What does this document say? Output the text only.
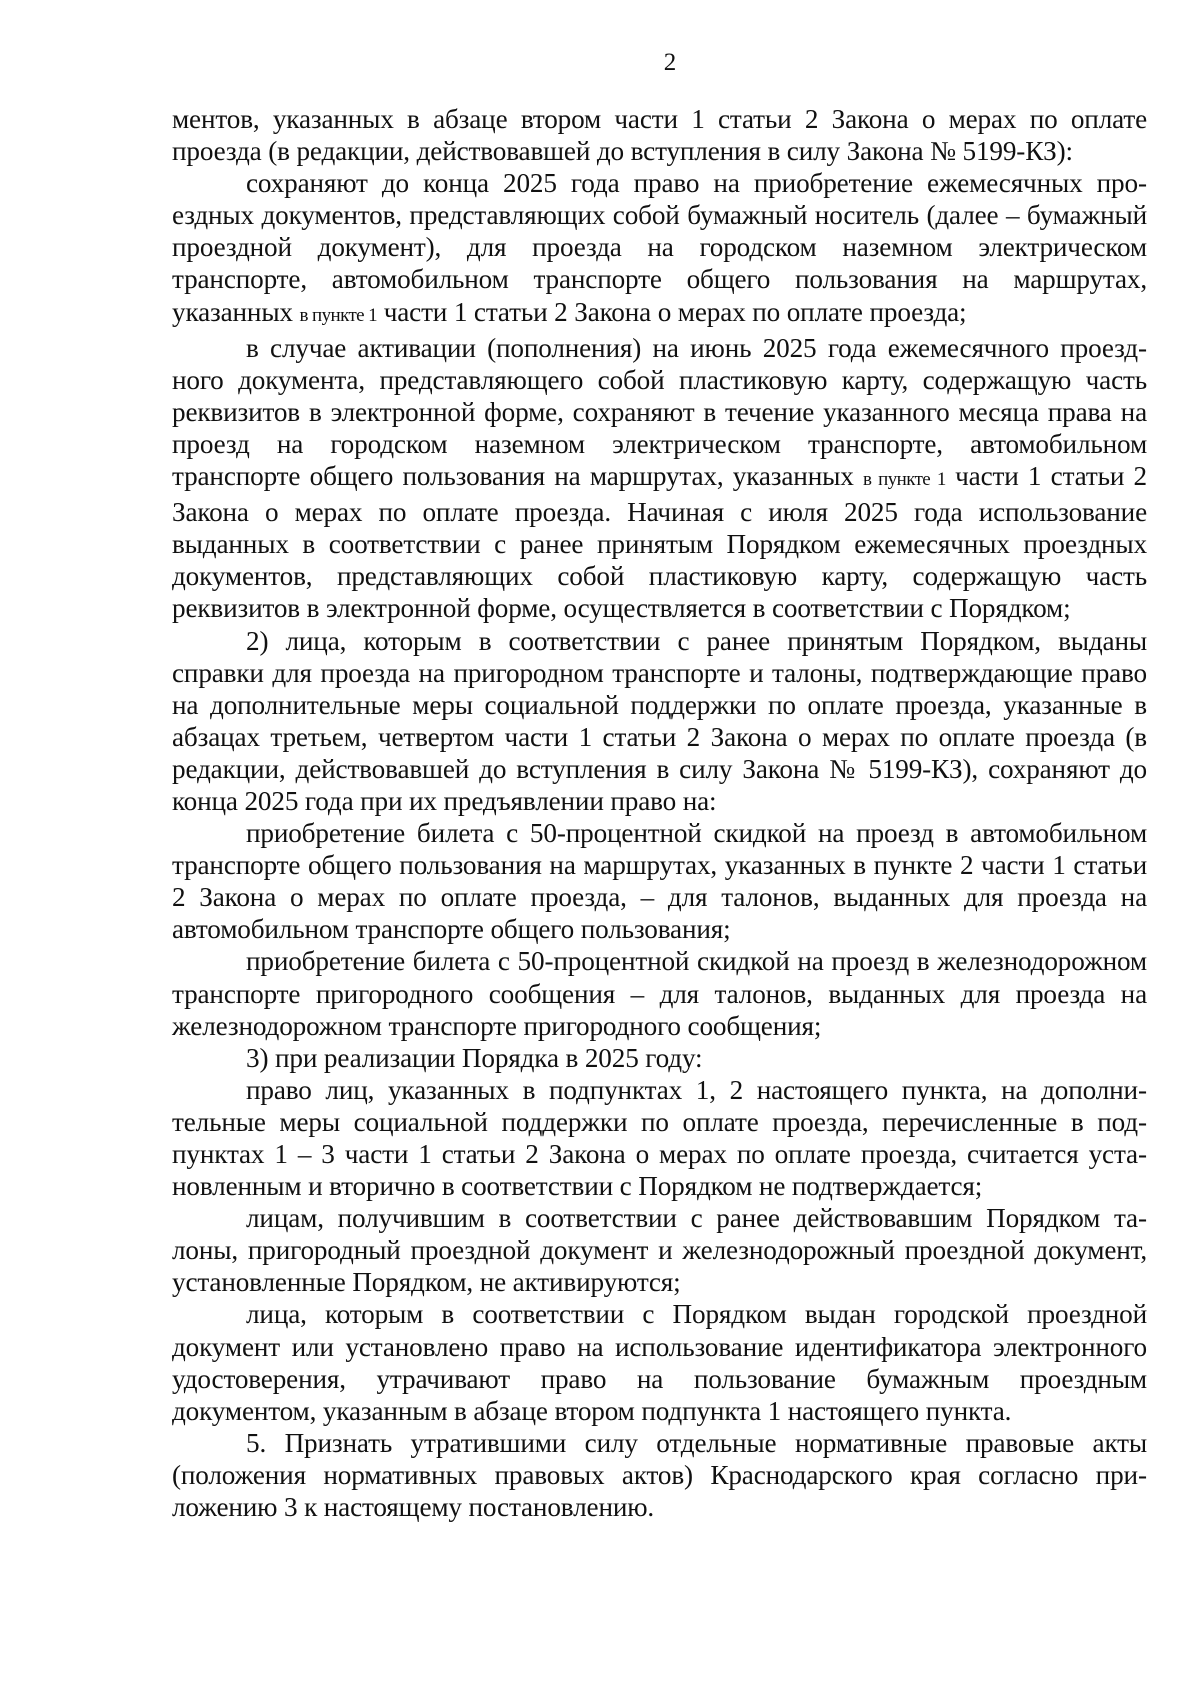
2

ментов, указанных в абзаце втором части 1 статьи 2 Закона о мерах по оплате проезда (в редакции, действовавшей до вступления в силу Закона № 5199-КЗ):

сохраняют до конца 2025 года право на приобретение ежемесячных проездных документов, представляющих собой бумажный носитель (далее – бумажный проездной документ), для проезда на городском наземном электрическом транспорте, автомобильном транспорте общего пользования на маршрутах, указанных в пункте 1 части 1 статьи 2 Закона о мерах по оплате проезда;

в случае активации (пополнения) на июнь 2025 года ежемесячного проездного документа, представляющего собой пластиковую карту, содержащую часть реквизитов в электронной форме, сохраняют в течение указанного месяца права на проезд на городском наземном электрическом транспорте, автомобильном транспорте общего пользования на маршрутах, указанных в пункте 1 части 1 статьи 2 Закона о мерах по оплате проезда. Начиная с июля 2025 года использование выданных в соответствии с ранее принятым Порядком ежемесячных проездных документов, представляющих собой пластиковую карту, содержащую часть реквизитов в электронной форме, осуществляется в соответствии с Порядком;

2) лица, которым в соответствии с ранее принятым Порядком, выданы справки для проезда на пригородном транспорте и талоны, подтверждающие право на дополнительные меры социальной поддержки по оплате проезда, указанные в абзацах третьем, четвертом части 1 статьи 2 Закона о мерах по оплате проезда (в редакции, действовавшей до вступления в силу Закона № 5199-КЗ), сохраняют до конца 2025 года при их предъявлении право на:

приобретение билета с 50-процентной скидкой на проезд в автомобильном транспорте общего пользования на маршрутах, указанных в пункте 2 части 1 статьи 2 Закона о мерах по оплате проезда, – для талонов, выданных для проезда на автомобильном транспорте общего пользования;

приобретение билета с 50-процентной скидкой на проезд в железнодорожном транспорте пригородного сообщения – для талонов, выданных для проезда на железнодорожном транспорте пригородного сообщения;

3) при реализации Порядка в 2025 году:

право лиц, указанных в подпунктах 1, 2 настоящего пункта, на дополнительные меры социальной поддержки по оплате проезда, перечисленные в подпунктах 1 – 3 части 1 статьи 2 Закона о мерах по оплате проезда, считается установленным и вторично в соответствии с Порядком не подтверждается;

лицам, получившим в соответствии с ранее действовавшим Порядком талоны, пригородный проездной документ и железнодорожный проездной документ, установленные Порядком, не активируются;

лица, которым в соответствии с Порядком выдан городской проездной документ или установлено право на использование идентификатора электронного удостоверения, утрачивают право на пользование бумажным проездным документом, указанным в абзаце втором подпункта 1 настоящего пункта.

5. Признать утратившими силу отдельные нормативные правовые акты (положения нормативных правовых актов) Краснодарского края согласно приложению 3 к настоящему постановлению.
